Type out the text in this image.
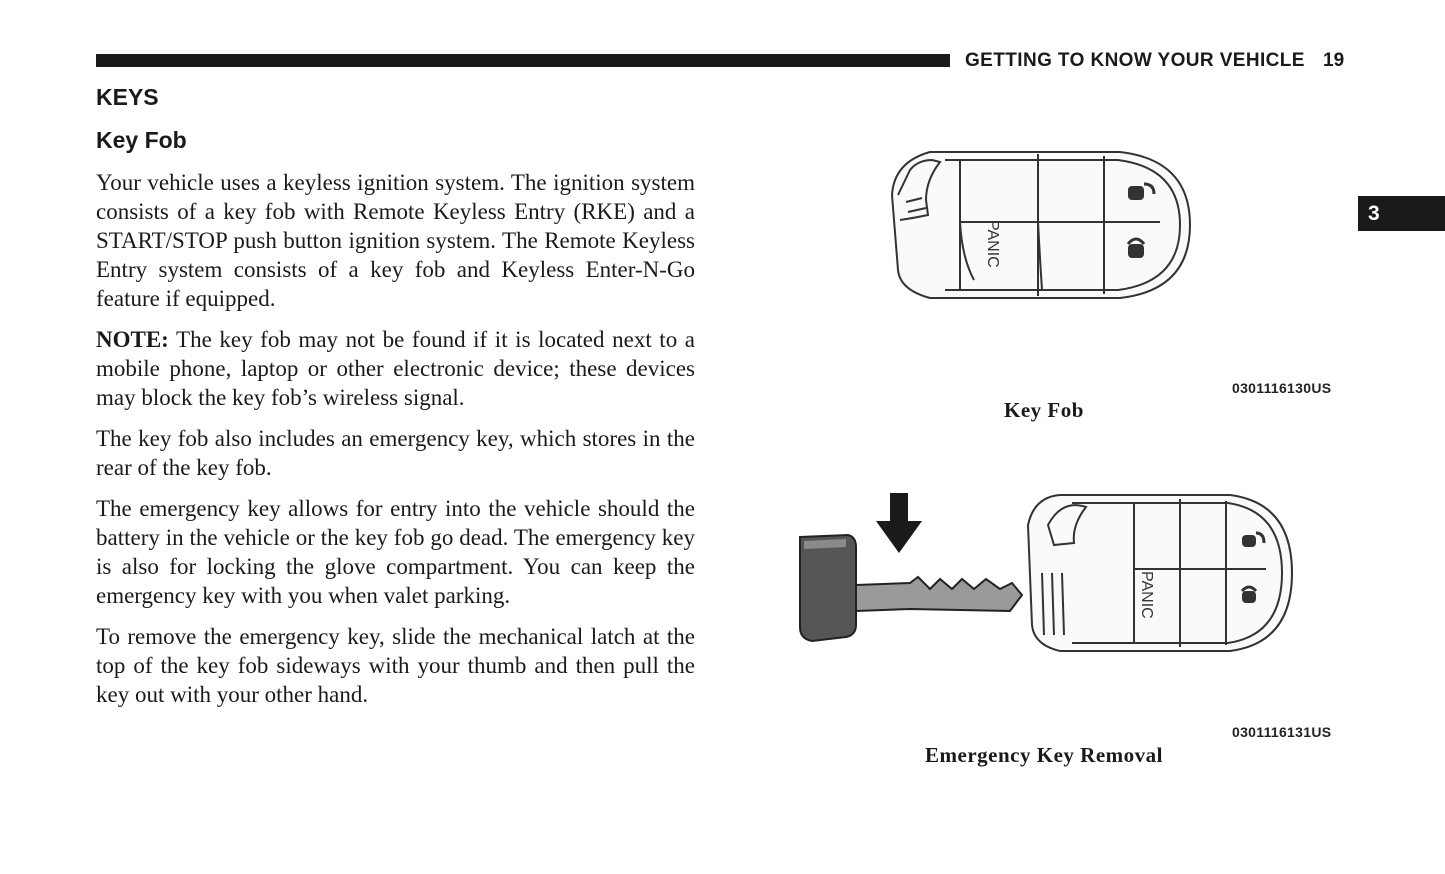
GETTING TO KNOW YOUR VEHICLE 19
3
KEYS
Key Fob

Your vehicle uses a keyless ignition system. The ignition system consists of a key fob with Remote Keyless Entry (RKE) and a START/STOP push button ignition system. The Remote Keyless Entry system consists of a key fob and Keyless Enter-N-Go feature if equipped.

NOTE: The key fob may not be found if it is located next to a mobile phone, laptop or other electronic device; these devices may block the key fob’s wireless signal.

The key fob also includes an emergency key, which stores in the rear of the key fob.

The emergency key allows for entry into the vehicle should the battery in the vehicle or the key fob go dead. The emergency key is also for locking the glove compartment. You can keep the emergency key with you when valet parking.

To remove the emergency key, slide the mechanical latch at the top of the key fob sideways with your thumb and then pull the key out with your other hand.

PANIC
0301116130US
Key Fob
PANIC
0301116131US
Emergency Key Removal
